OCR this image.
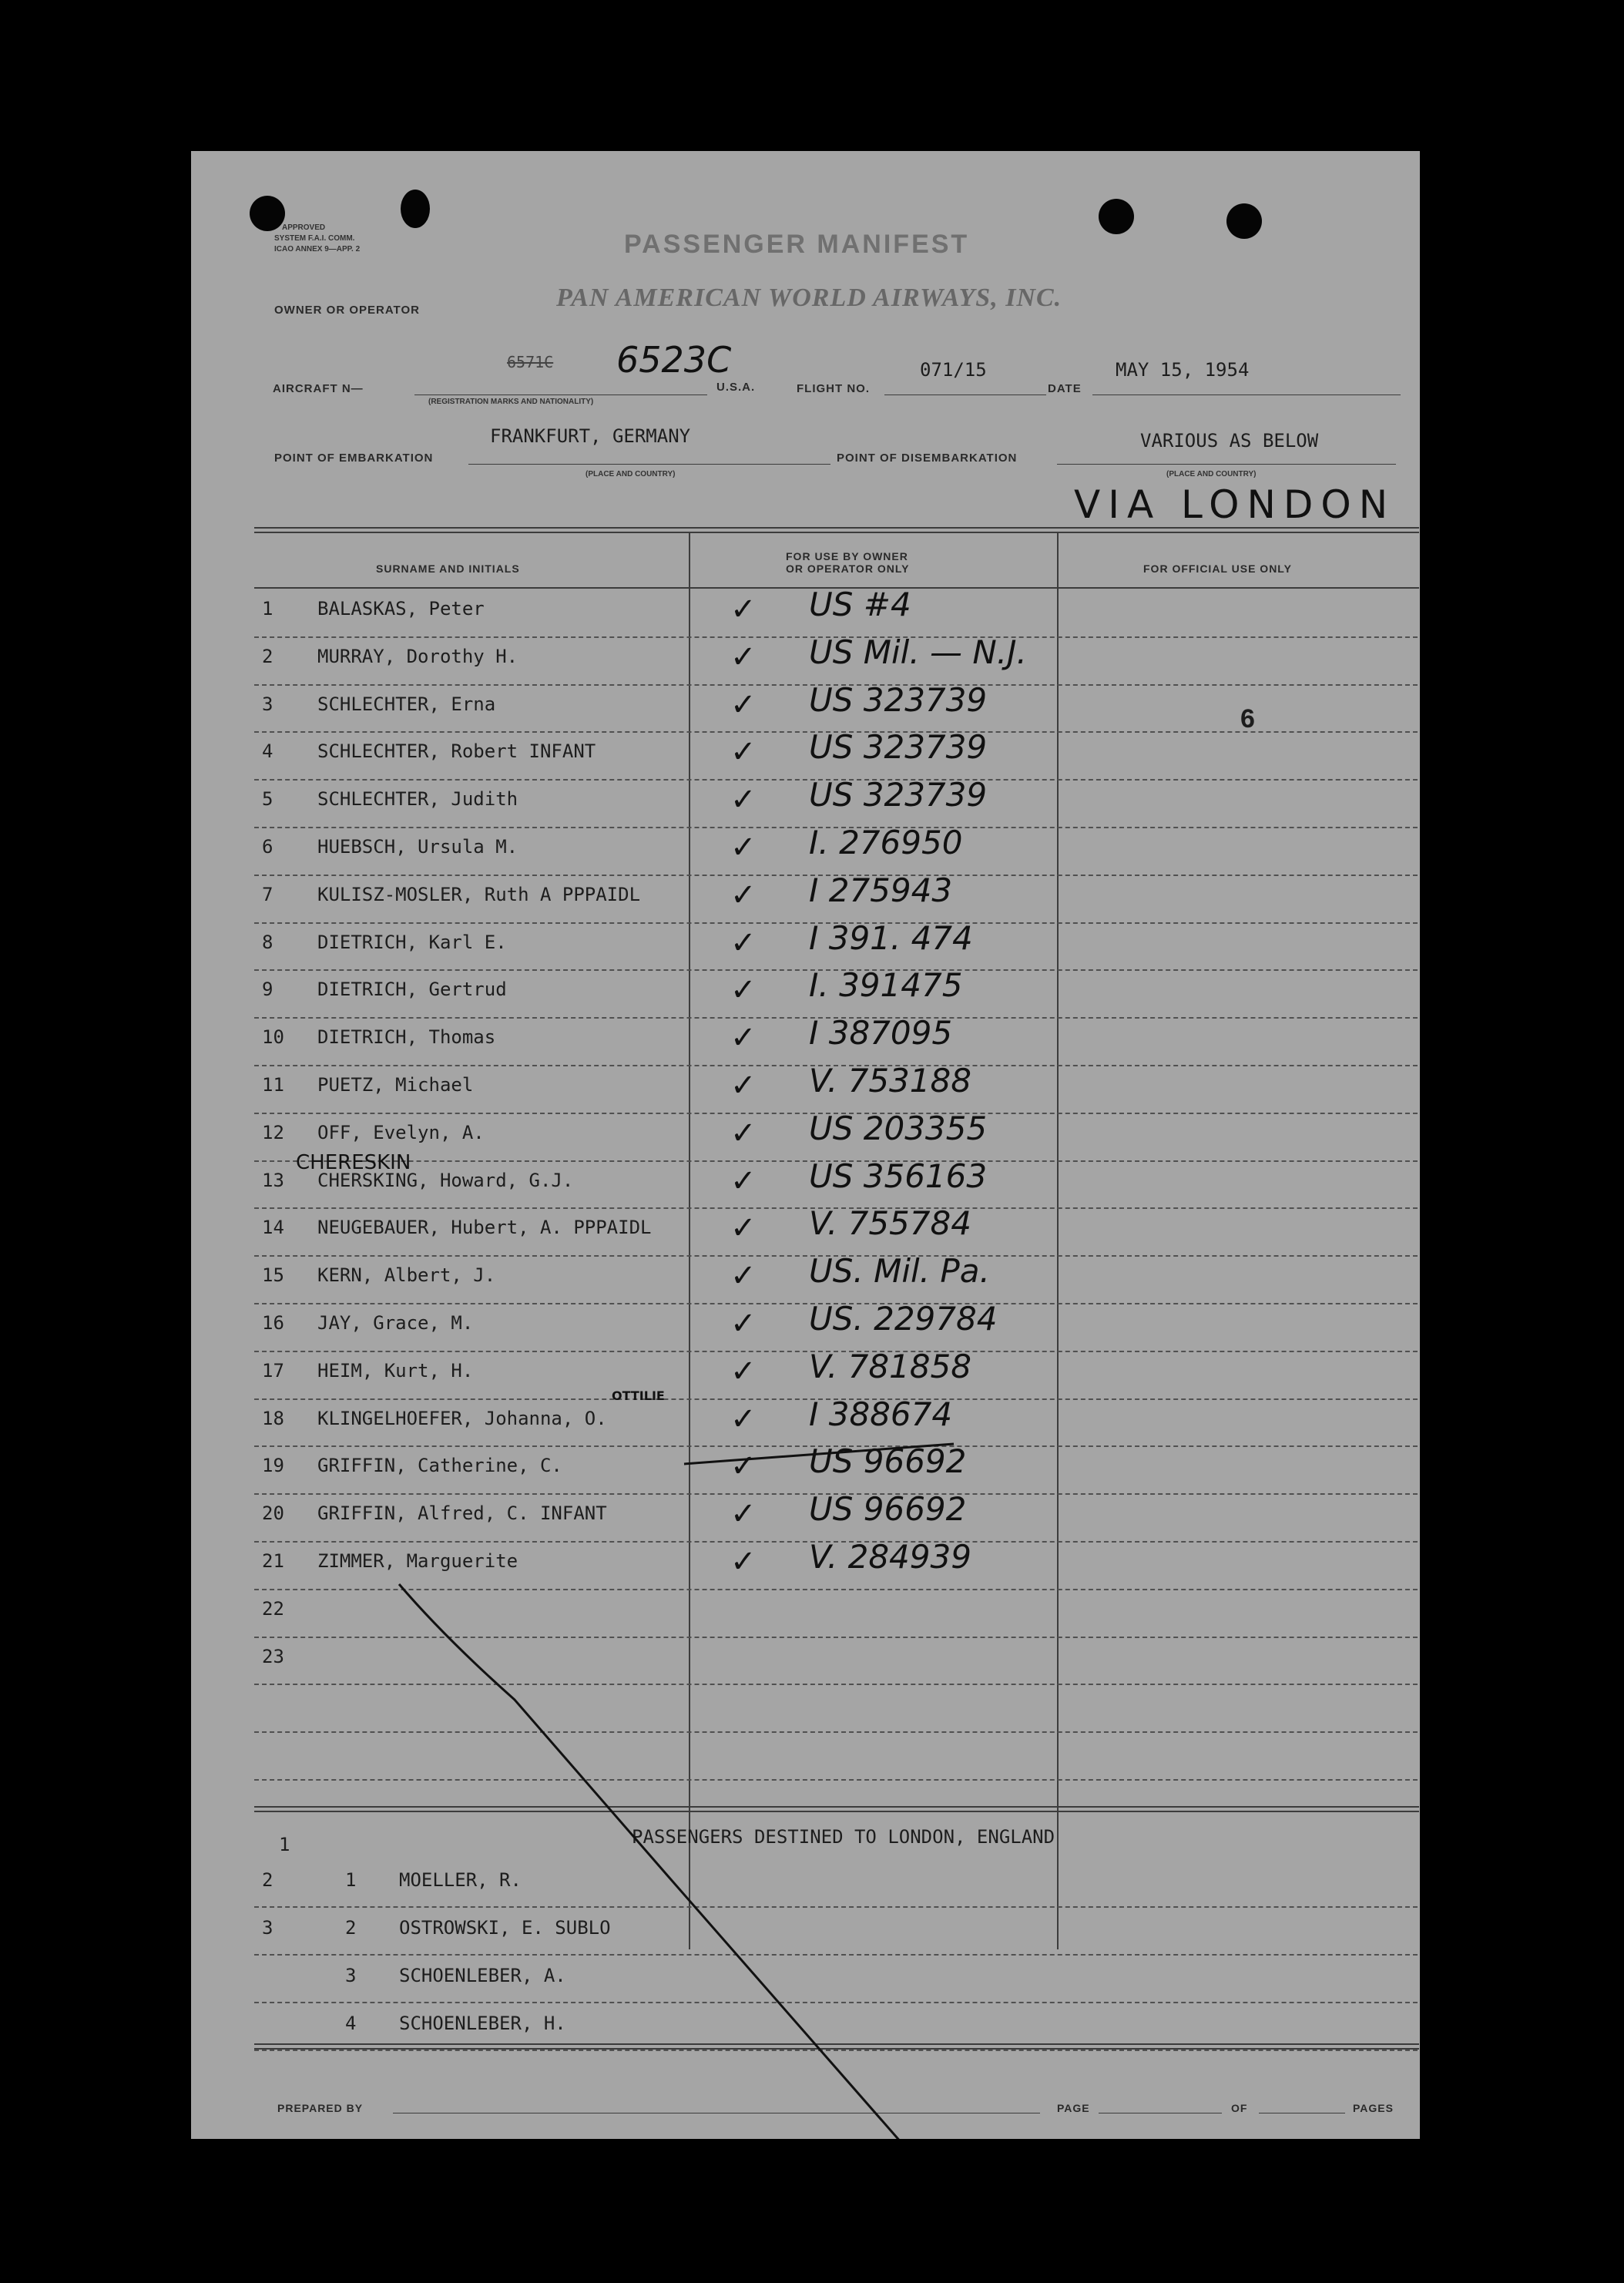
APPROVED
SYSTEM F.A.I. COMM.
ICAO ANNEX 9—APP. 2	PASSENGER MANIFEST
OWNER OR OPERATOR	PAN AMERICAN WORLD AIRWAYS, INC.
AIRCRAFT N—
6571C 6523C
U.S.A.
(REGISTRATION MARKS AND NATIONALITY)
FLIGHT NO.
071/15
DATE
MAY 15, 1954
POINT OF EMBARKATION
FRANKFURT, GERMANY
(PLACE AND COUNTRY)
POINT OF DISEMBARKATION
VARIOUS AS BELOW
(PLACE AND COUNTRY)
VIA LONDON
SURNAME AND INITIALS
FOR USE BY OWNER
OR OPERATOR ONLY	FOR OFFICIAL USE ONLY
1	BALASKAS, Peter	✓ US #4
2	MURRAY, Dorothy H.	✓ US Mil. — N.J.
3	SCHLECHTER, Erna	✓ US 323739
4	SCHLECHTER, Robert INFANT	✓ US 323739
5	SCHLECHTER, Judith	✓ US 323739
6	HUEBSCH, Ursula M.	✓ I. 276950
7	KULISZ-MOSLER, Ruth A PPPAIDL	✓ I 275943
8	DIETRICH, Karl E.	✓ I 391. 474
9	DIETRICH, Gertrud	✓ I. 391475
10	DIETRICH, Thomas	✓ I 387095
11	PUETZ, Michael	✓ V. 753188
12	OFF, Evelyn, A.	✓ US 203355
13	CHERSKING, Howard, G.J.	✓ US 356163
14	NEUGEBAUER, Hubert, A. PPPAIDL	✓ V. 755784
15	KERN, Albert, J.	✓ US. Mil. Pa.
16	JAY, Grace, M.	✓ US. 229784
17	HEIM, Kurt, H.	✓ V. 781858
18	KLINGELHOEFER, Johanna, O.	✓ I 388674
19	GRIFFIN, Catherine, C.	✓ US 96692
20	GRIFFIN, Alfred, C. INFANT	✓ US 96692
21	ZIMMER, Marguerite	✓ V. 284939
22
23
CHERESKIN
OTTILIE
6
1	PASSENGERS DESTINED TO LONDON, ENGLAND
2	1 MOELLER, R.
3	2 OSTROWSKI, E. SUBLO
3 SCHOENLEBER, A.
4 SCHOENLEBER, H.
PREPARED BY	PAGE	OF	PAGES
